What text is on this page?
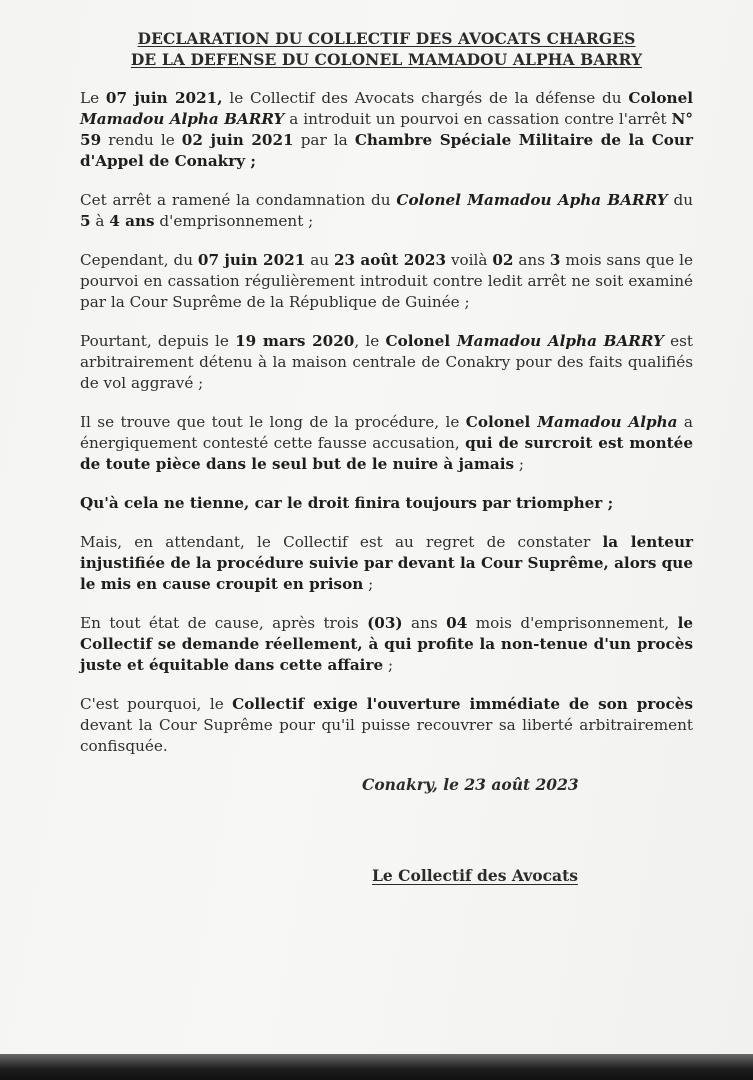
DECLARATION DU COLLECTIF DES AVOCATS CHARGES
DE LA DEFENSE DU COLONEL MAMADOU ALPHA BARRY

Le 07 juin 2021, le Collectif des Avocats chargés de la défense du Colonel Mamadou Alpha BARRY a introduit un pourvoi en cassation contre l'arrêt N° 59 rendu le 02 juin 2021 par la Chambre Spéciale Militaire de la Cour d'Appel de Conakry ;

Cet arrêt a ramené la condamnation du Colonel Mamadou Apha BARRY du 5 à 4 ans d'emprisonnement ;

Cependant, du 07 juin 2021 au 23 août 2023 voilà 02 ans 3 mois sans que le pourvoi en cassation régulièrement introduit contre ledit arrêt ne soit examiné par la Cour Suprême de la République de Guinée ;

Pourtant, depuis le 19 mars 2020, le Colonel Mamadou Alpha BARRY est arbitrairement détenu à la maison centrale de Conakry pour des faits qualifiés de vol aggravé ;

Il se trouve que tout le long de la procédure, le Colonel Mamadou Alpha a énergiquement contesté cette fausse accusation, qui de surcroit est montée de toute pièce dans le seul but de le nuire à jamais ;

Qu'à cela ne tienne, car le droit finira toujours par triompher ;

Mais, en attendant, le Collectif est au regret de constater la lenteur injustifiée de la procédure suivie par devant la Cour Suprême, alors que le mis en cause croupit en prison ;

En tout état de cause, après trois (03) ans 04 mois d'emprisonnement, le Collectif se demande réellement, à qui profite la non-tenue d'un procès juste et équitable dans cette affaire ;

C'est pourquoi, le Collectif exige l'ouverture immédiate de son procès devant la Cour Suprême pour qu'il puisse recouvrer sa liberté arbitrairement confisquée.

Conakry, le 23 août 2023
Le Collectif des Avocats
